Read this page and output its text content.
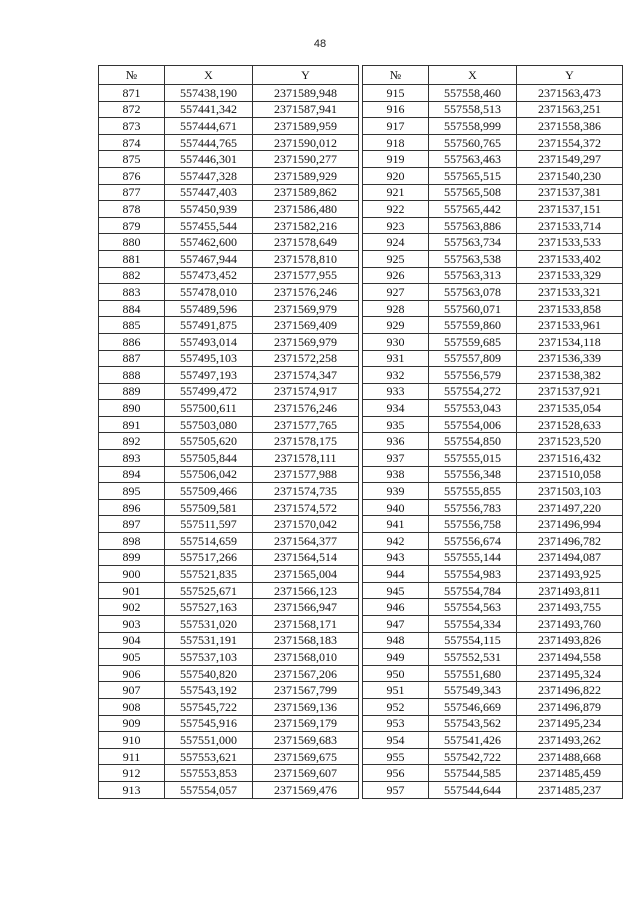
48
№	X	Y
871	557438,190	2371589,948
872	557441,342	2371587,941
873	557444,671	2371589,959
874	557444,765	2371590,012
875	557446,301	2371590,277
876	557447,328	2371589,929
877	557447,403	2371589,862
878	557450,939	2371586,480
879	557455,544	2371582,216
880	557462,600	2371578,649
881	557467,944	2371578,810
882	557473,452	2371577,955
883	557478,010	2371576,246
884	557489,596	2371569,979
885	557491,875	2371569,409
886	557493,014	2371569,979
887	557495,103	2371572,258
888	557497,193	2371574,347
889	557499,472	2371574,917
890	557500,611	2371576,246
891	557503,080	2371577,765
892	557505,620	2371578,175
893	557505,844	2371578,111
894	557506,042	2371577,988
895	557509,466	2371574,735
896	557509,581	2371574,572
897	557511,597	2371570,042
898	557514,659	2371564,377
899	557517,266	2371564,514
900	557521,835	2371565,004
901	557525,671	2371566,123
902	557527,163	2371566,947
903	557531,020	2371568,171
904	557531,191	2371568,183
905	557537,103	2371568,010
906	557540,820	2371567,206
907	557543,192	2371567,799
908	557545,722	2371569,136
909	557545,916	2371569,179
910	557551,000	2371569,683
911	557553,621	2371569,675
912	557553,853	2371569,607
913	557554,057	2371569,476
№	X	Y
915	557558,460	2371563,473
916	557558,513	2371563,251
917	557558,999	2371558,386
918	557560,765	2371554,372
919	557563,463	2371549,297
920	557565,515	2371540,230
921	557565,508	2371537,381
922	557565,442	2371537,151
923	557563,886	2371533,714
924	557563,734	2371533,533
925	557563,538	2371533,402
926	557563,313	2371533,329
927	557563,078	2371533,321
928	557560,071	2371533,858
929	557559,860	2371533,961
930	557559,685	2371534,118
931	557557,809	2371536,339
932	557556,579	2371538,382
933	557554,272	2371537,921
934	557553,043	2371535,054
935	557554,006	2371528,633
936	557554,850	2371523,520
937	557555,015	2371516,432
938	557556,348	2371510,058
939	557555,855	2371503,103
940	557556,783	2371497,220
941	557556,758	2371496,994
942	557556,674	2371496,782
943	557555,144	2371494,087
944	557554,983	2371493,925
945	557554,784	2371493,811
946	557554,563	2371493,755
947	557554,334	2371493,760
948	557554,115	2371493,826
949	557552,531	2371494,558
950	557551,680	2371495,324
951	557549,343	2371496,822
952	557546,669	2371496,879
953	557543,562	2371495,234
954	557541,426	2371493,262
955	557542,722	2371488,668
956	557544,585	2371485,459
957	557544,644	2371485,237
